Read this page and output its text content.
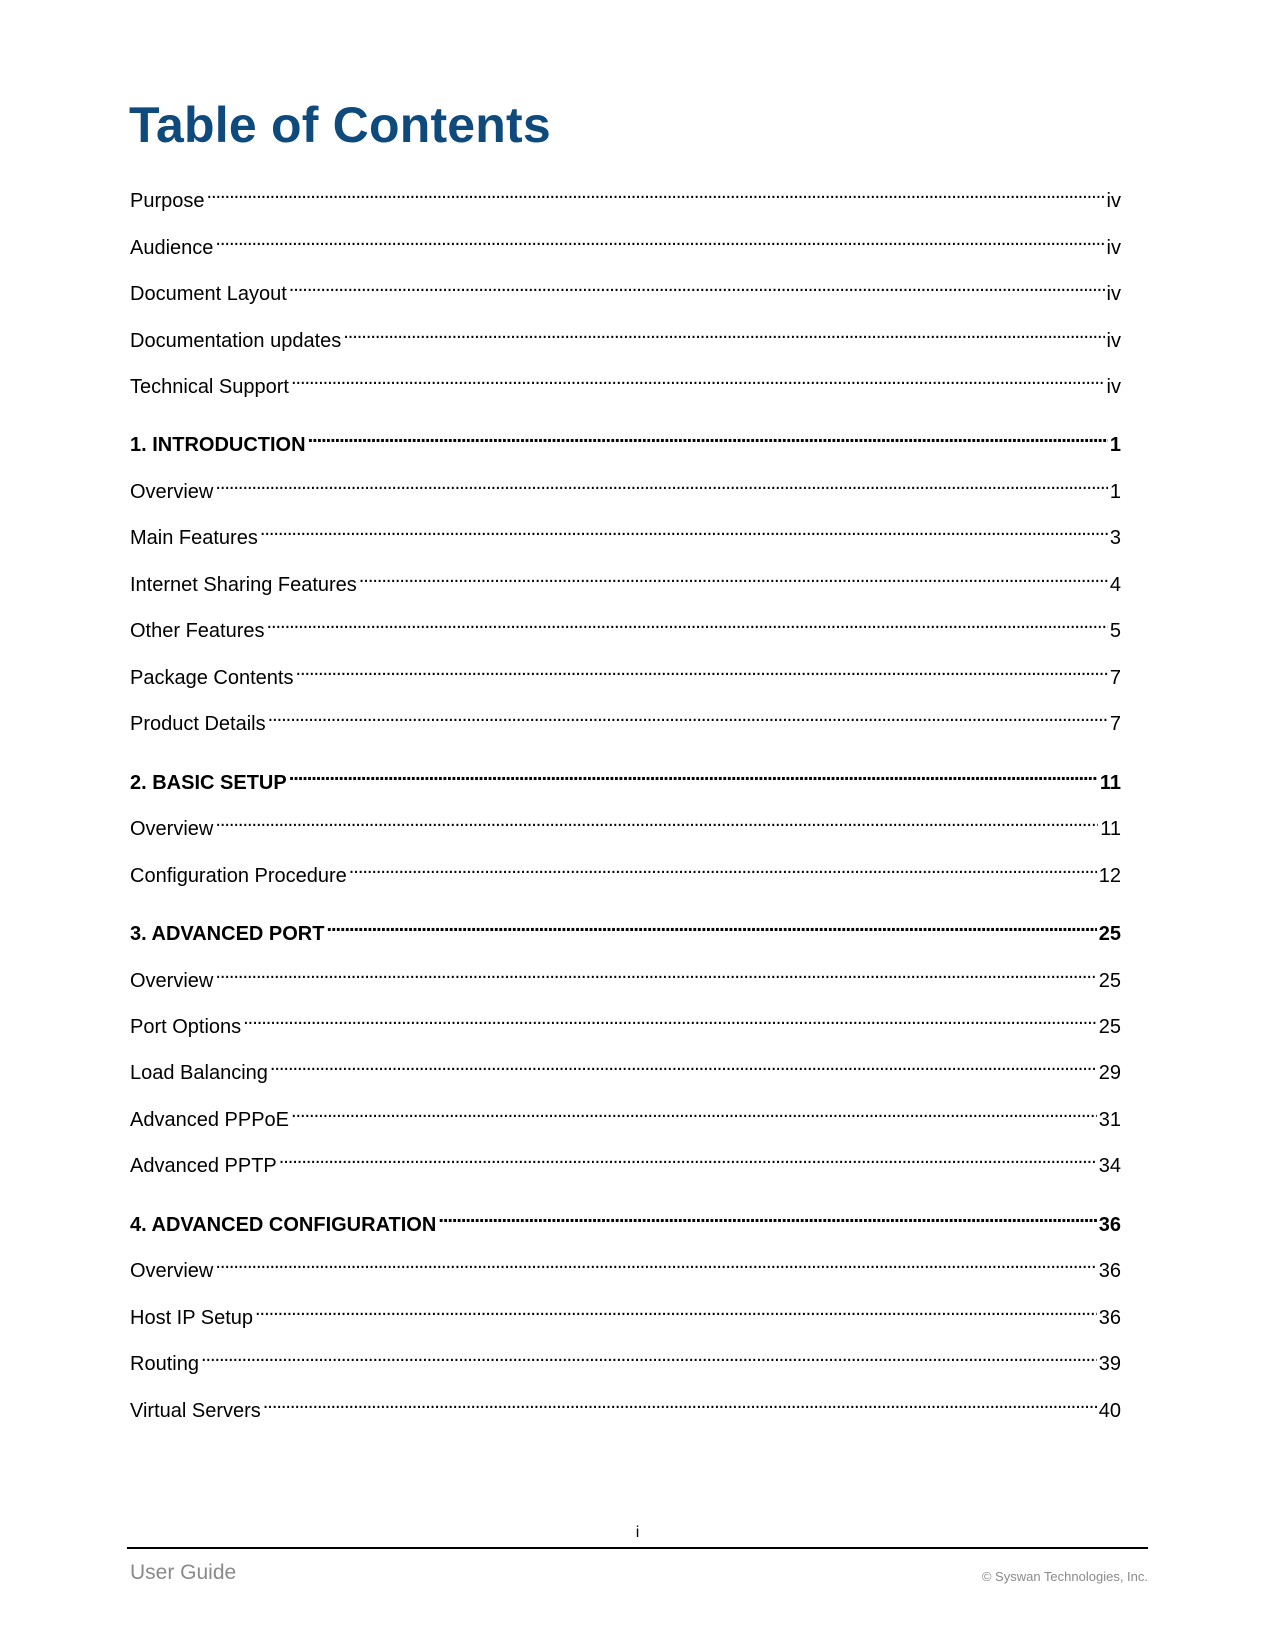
Table of Contents
Purpose . . .	iv
Audience . . .	iv
Document Layout . . .	iv
Documentation updates . . .	iv
Technical Support . . .	iv
1. INTRODUCTION . . .	1
Overview . . .	1
Main Features . . .	3
Internet Sharing Features . . .	4
Other Features . . .	5
Package Contents . . .	7
Product Details . . .	7
2. BASIC SETUP . . .	11
Overview . . .	11
Configuration Procedure . . .	12
3. ADVANCED PORT . . .	25
Overview . . .	25
Port Options . . .	25
Load Balancing . . .	29
Advanced PPPoE . . .	31
Advanced PPTP . . .	34
4. ADVANCED CONFIGURATION . . .	36
Overview . . .	36
Host IP Setup . . .	36
Routing . . .	39
Virtual Servers . . .	40
i
User Guide	© Syswan Technologies, Inc.
